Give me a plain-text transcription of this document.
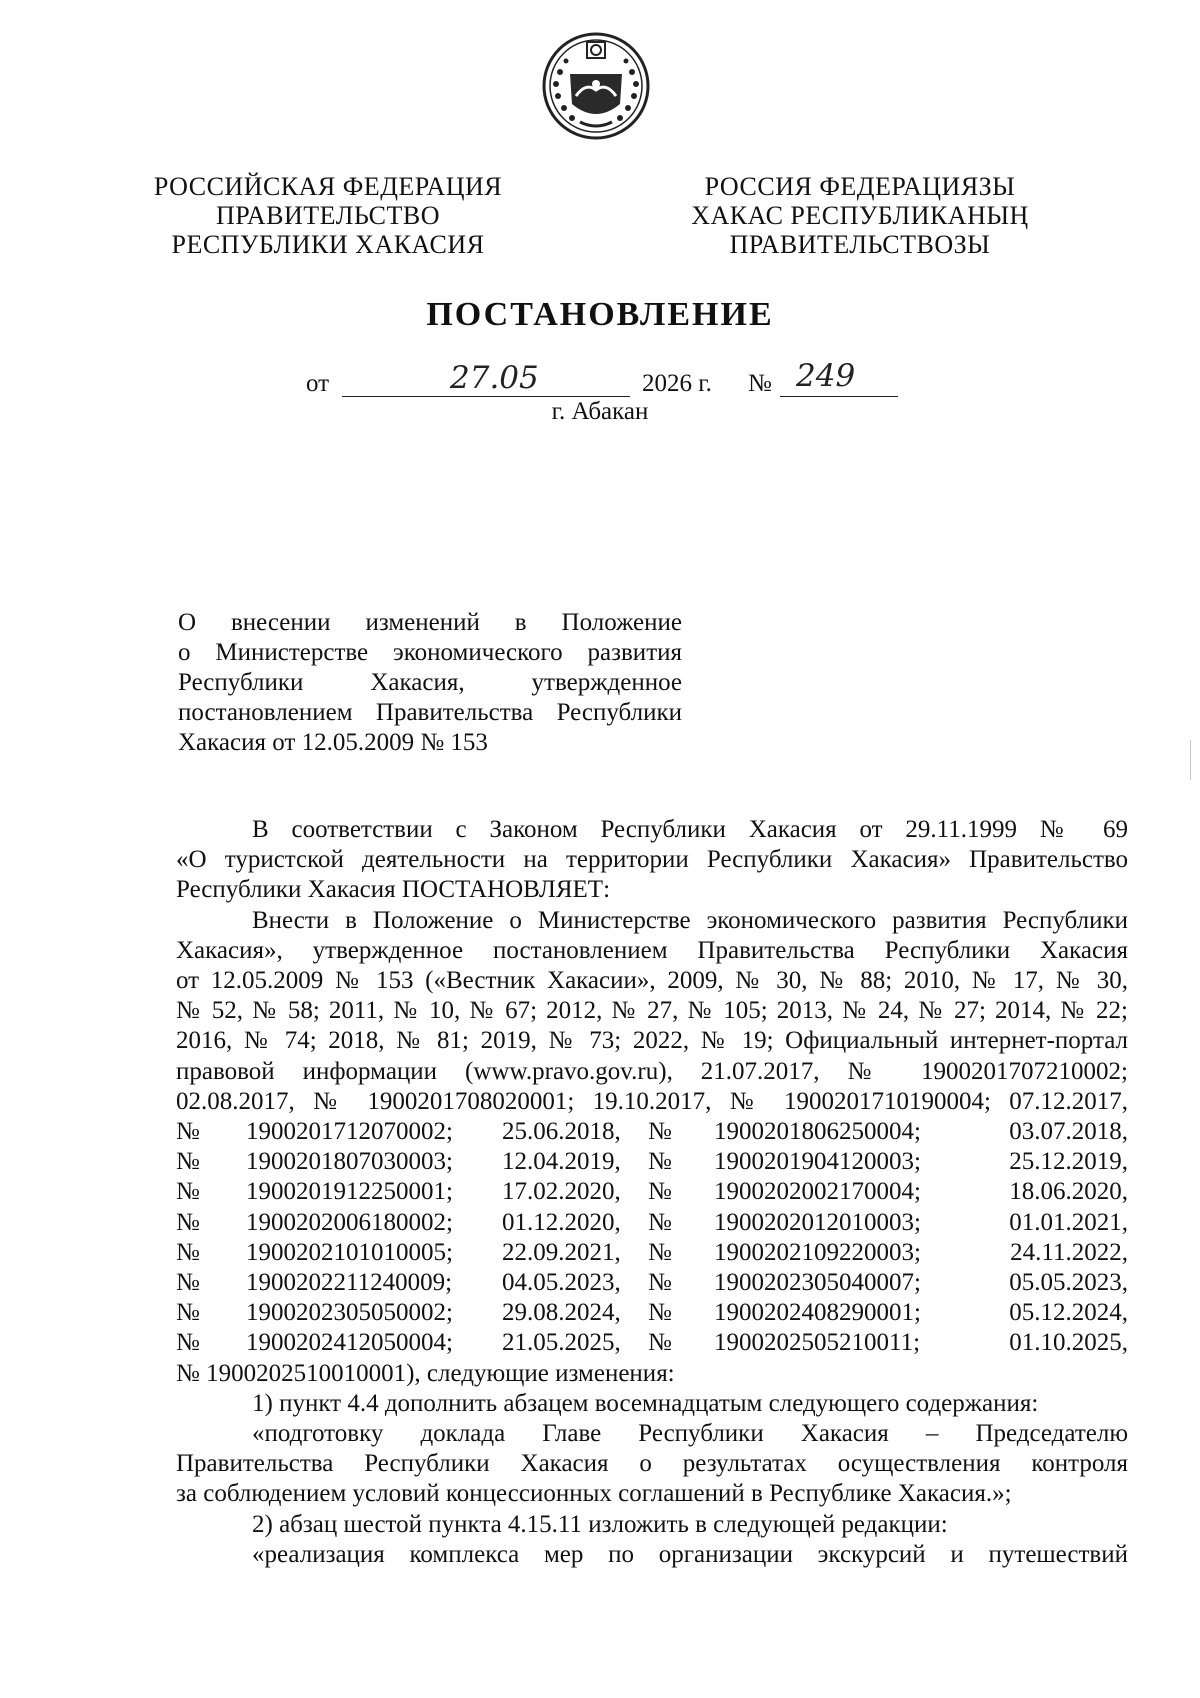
РОССИЙСКАЯ ФЕДЕРАЦИЯ
ПРАВИТЕЛЬСТВО
РЕСПУБЛИКИ ХАКАСИЯ
РОССИЯ ФЕДЕРАЦИЯЗЫ
ХАКАС РЕСПУБЛИКАНЫҢ
ПРАВИТЕЛЬСТВОЗЫ
ПОСТАНОВЛЕНИЕ
от	27.05	2026 г. № 249
г. Абакан
О внесении изменений в Положение
о Министерстве экономического развития
Республики Хакасия, утвержденное
постановлением Правительства Республики
Хакасия от 12.05.2009 № 153
В соответствии с Законом Республики Хакасия от 29.11.1999 № 69
«О туристской деятельности на территории Республики Хакасия» Правительство
Республики Хакасия ПОСТАНОВЛЯЕТ:
Внести в Положение о Министерстве экономического развития Республики
Хакасия», утвержденное постановлением Правительства Республики Хакасия
от 12.05.2009 № 153 («Вестник Хакасии», 2009, № 30, № 88; 2010, № 17, № 30,
№ 52, № 58; 2011, № 10, № 67; 2012, № 27, № 105; 2013, № 24, № 27; 2014, № 22;
2016, № 74; 2018, № 81; 2019, № 73; 2022, № 19; Официальный интернет-портал
правовой информации (www.pravo.gov.ru), 21.07.2017, № 1900201707210002;
02.08.2017, № 1900201708020001; 19.10.2017, № 1900201710190004; 07.12.2017,
№	1900201712070002;	25.06.2018,	№	1900201806250004;	03.07.2018,
№	1900201807030003;	12.04.2019,	№	1900201904120003;	25.12.2019,
№	1900201912250001;	17.02.2020,	№	1900202002170004;	18.06.2020,
№	1900202006180002;	01.12.2020,	№	1900202012010003;	01.01.2021,
№	1900202101010005;	22.09.2021,	№	1900202109220003;	24.11.2022,
№	1900202211240009;	04.05.2023,	№	1900202305040007;	05.05.2023,
№	1900202305050002;	29.08.2024,	№	1900202408290001;	05.12.2024,
№	1900202412050004;	21.05.2025,	№	1900202505210011;	01.10.2025,
№ 1900202510010001), следующие изменения:
1) пункт 4.4 дополнить абзацем восемнадцатым следующего содержания:
«подготовку доклада Главе Республики Хакасия – Председателю
Правительства Республики Хакасия о результатах осуществления контроля
за соблюдением условий концессионных соглашений в Республике Хакасия.»;
2) абзац шестой пункта 4.15.11 изложить в следующей редакции:
«реализация комплекса мер по организации экскурсий и путешествий
